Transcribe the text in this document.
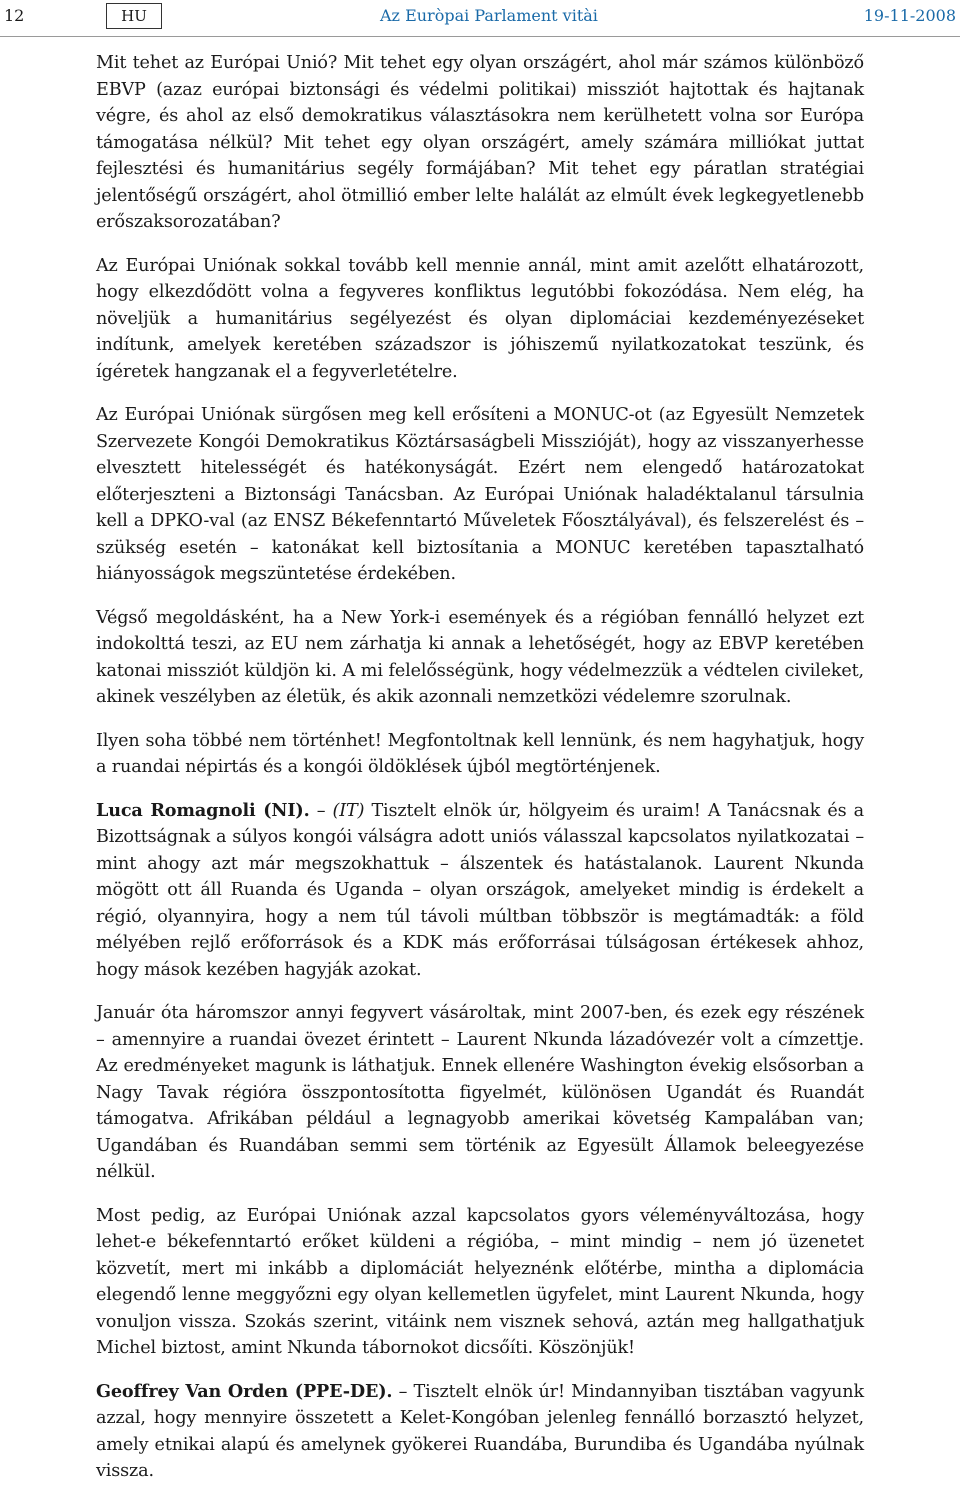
12	HU	Az Euròpai Parlament vitài	19-11-2008

Mit tehet az Európai Unió? Mit tehet egy olyan országért, ahol már számos különböző EBVP (azaz európai biztonsági és védelmi politikai) missziót hajtottak és hajtanak végre, és ahol az első demokratikus választásokra nem kerülhetett volna sor Európa támogatása nélkül? Mit tehet egy olyan országért, amely számára milliókat juttat fejlesztési és humanitárius segély formájában? Mit tehet egy páratlan stratégiai jelentőségű országért, ahol ötmillió ember lelte halálát az elmúlt évek legkegyetlenebb erőszaksorozatában?

Az Európai Uniónak sokkal tovább kell mennie annál, mint amit azelőtt elhatározott, hogy elkezdődött volna a fegyveres konfliktus legutóbbi fokozódása. Nem elég, ha növeljük a humanitárius segélyezést és olyan diplomáciai kezdeményezéseket indítunk, amelyek keretében századszor is jóhiszemű nyilatkozatokat teszünk, és ígéretek hangzanak el a fegyverletételre.

Az Európai Uniónak sürgősen meg kell erősíteni a MONUC-ot (az Egyesült Nemzetek Szervezete Kongói Demokratikus Köztársaságbeli Misszióját), hogy az visszanyerhesse elvesztett hitelességét és hatékonyságát. Ezért nem elengedő határozatokat előterjeszteni a Biztonsági Tanácsban. Az Európai Uniónak haladéktalanul társulnia kell a DPKO-val (az ENSZ Békefenntartó Műveletek Főosztályával), és felszerelést és – szükség esetén – katonákat kell biztosítania a MONUC keretében tapasztalható hiányosságok megszüntetése érdekében.

Végső megoldásként, ha a New York-i események és a régióban fennálló helyzet ezt indokolttá teszi, az EU nem zárhatja ki annak a lehetőségét, hogy az EBVP keretében katonai missziót küldjön ki. A mi felelősségünk, hogy védelmezzük a védtelen civileket, akinek veszélyben az életük, és akik azonnali nemzetközi védelemre szorulnak.

Ilyen soha többé nem történhet! Megfontoltnak kell lennünk, és nem hagyhatjuk, hogy a ruandai népirtás és a kongói öldöklések újból megtörténjenek.

Luca Romagnoli (NI). – (IT) Tisztelt elnök úr, hölgyeim és uraim! A Tanácsnak és a Bizottságnak a súlyos kongói válságra adott uniós válasszal kapcsolatos nyilatkozatai – mint ahogy azt már megszokhattuk – álszentek és hatástalanok. Laurent Nkunda mögött ott áll Ruanda és Uganda – olyan országok, amelyeket mindig is érdekelt a régió, olyannyira, hogy a nem túl távoli múltban többször is megtámadták: a föld mélyében rejlő erőforrások és a KDK más erőforrásai túlságosan értékesek ahhoz, hogy mások kezében hagyják azokat.

Január óta háromszor annyi fegyvert vásároltak, mint 2007-ben, és ezek egy részének – amennyire a ruandai övezet érintett – Laurent Nkunda lázadóvezér volt a címzettje. Az eredményeket magunk is láthatjuk. Ennek ellenére Washington évekig elsősorban a Nagy Tavak régióra összpontosította figyelmét, különösen Ugandát és Ruandát támogatva. Afrikában például a legnagyobb amerikai követség Kampalában van; Ugandában és Ruandában semmi sem történik az Egyesült Államok beleegyezése nélkül.

Most pedig, az Európai Uniónak azzal kapcsolatos gyors véleményváltozása, hogy lehet-e békefenntartó erőket küldeni a régióba, – mint mindig – nem jó üzenetet közvetít, mert mi inkább a diplomáciát helyeznénk előtérbe, mintha a diplomácia elegendő lenne meggyőzni egy olyan kellemetlen ügyfelet, mint Laurent Nkunda, hogy vonuljon vissza. Szokás szerint, vitáink nem visznek sehová, aztán meg hallgathatjuk Michel biztost, amint Nkunda tábornokot dicsőíti. Köszönjük!

Geoffrey Van Orden (PPE-DE). – Tisztelt elnök úr! Mindannyiban tisztában vagyunk azzal, hogy mennyire összetett a Kelet-Kongóban jelenleg fennálló borzasztó helyzet, amely etnikai alapú és amelynek gyökerei Ruandába, Burundiba és Ugandába nyúlnak vissza.
